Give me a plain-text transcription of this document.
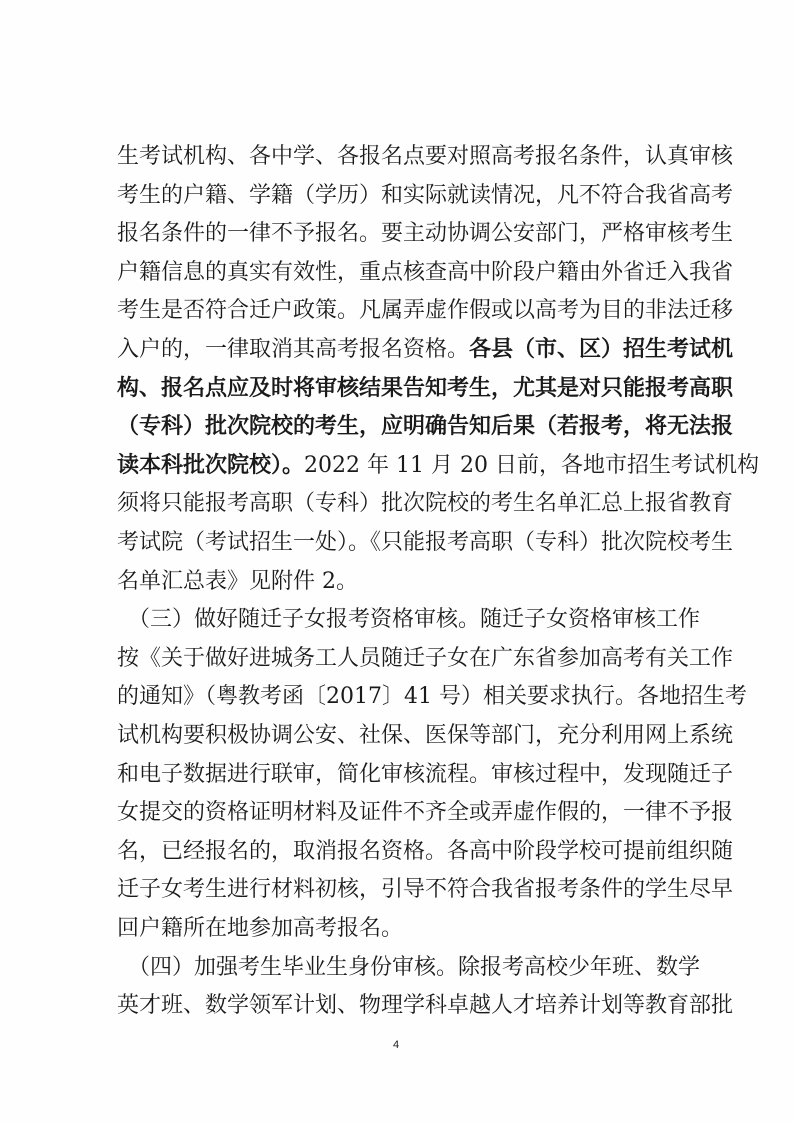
生考试机构、各中学、各报名点要对照高考报名条件，认真审核
考生的户籍、学籍（学历）和实际就读情况，凡不符合我省高考
报名条件的一律不予报名。要主动协调公安部门，严格审核考生
户籍信息的真实有效性，重点核查高中阶段户籍由外省迁入我省
考生是否符合迁户政策。凡属弄虚作假或以高考为目的非法迁移
入户的，一律取消其高考报名资格。各县（市、区）招生考试机
构、报名点应及时将审核结果告知考生，尤其是对只能报考高职
（专科）批次院校的考生，应明确告知后果（若报考，将无法报
读本科批次院校）。2022 年 11 月 20 日前，各地市招生考试机构
须将只能报考高职（专科）批次院校的考生名单汇总上报省教育
考试院（考试招生一处）。《只能报考高职（专科）批次院校考生
名单汇总表》见附件 2。
　（三）做好随迁子女报考资格审核。随迁子女资格审核工作
按《关于做好进城务工人员随迁子女在广东省参加高考有关工作
的通知》（粤教考函〔2017〕41 号）相关要求执行。各地招生考
试机构要积极协调公安、社保、医保等部门，充分利用网上系统
和电子数据进行联审，简化审核流程。审核过程中，发现随迁子
女提交的资格证明材料及证件不齐全或弄虚作假的，一律不予报
名，已经报名的，取消报名资格。各高中阶段学校可提前组织随
迁子女考生进行材料初核，引导不符合我省报考条件的学生尽早
回户籍所在地参加高考报名。
　（四）加强考生毕业生身份审核。除报考高校少年班、数学
英才班、数学领军计划、物理学科卓越人才培养计划等教育部批
4
